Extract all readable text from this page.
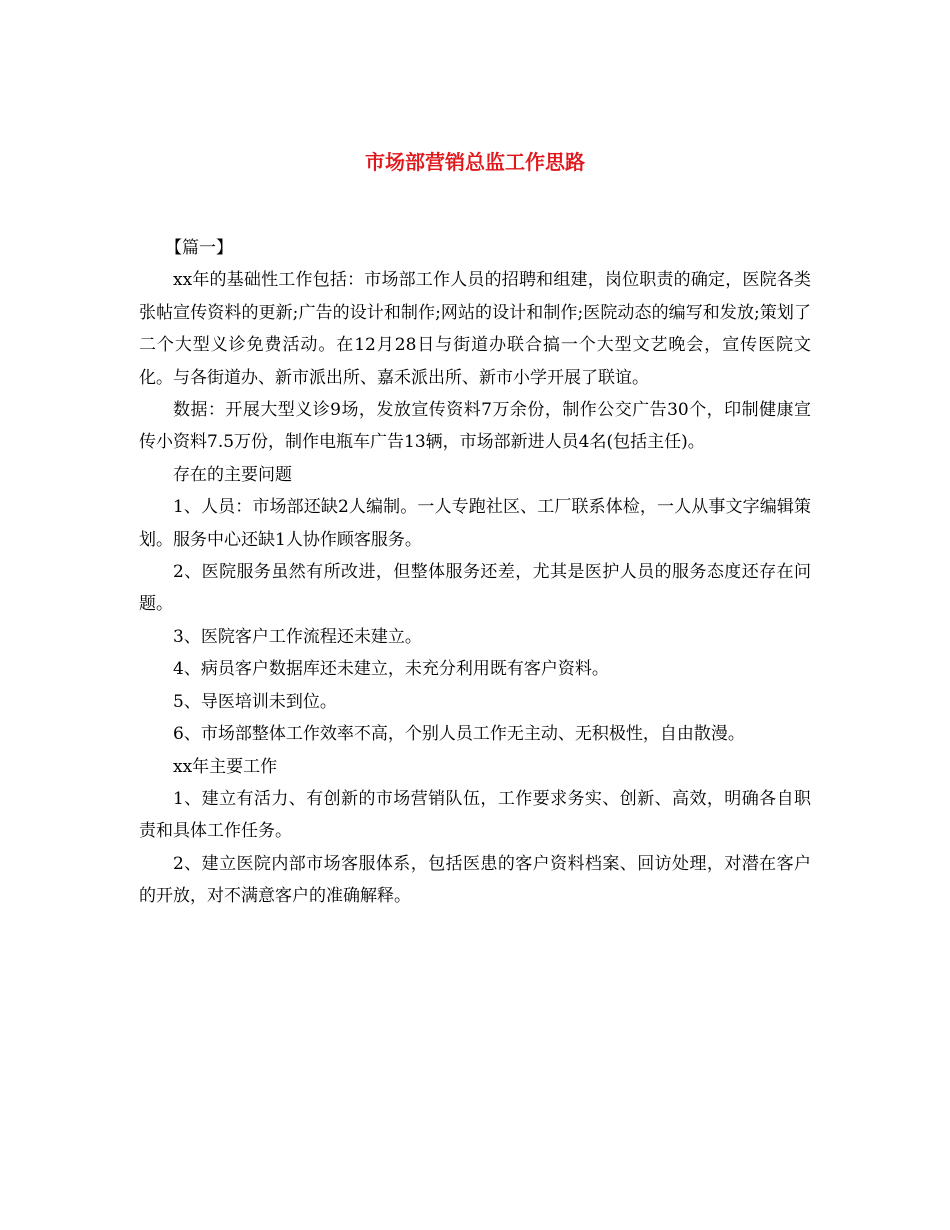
市场部营销总监工作思路

【篇一】

xx年的基础性工作包括：市场部工作人员的招聘和组建，岗位职责的确定，医院各类张帖宣传资料的更新;广告的设计和制作;网站的设计和制作;医院动态的编写和发放;策划了二个大型义诊免费活动。在12月28日与街道办联合搞一个大型文艺晚会，宣传医院文化。与各街道办、新市派出所、嘉禾派出所、新市小学开展了联谊。

数据：开展大型义诊9场，发放宣传资料7万余份，制作公交广告30个，印制健康宣传小资料7.5万份，制作电瓶车广告13辆，市场部新进人员4名(包括主任)。

存在的主要问题

1、人员：市场部还缺2人编制。一人专跑社区、工厂联系体检，一人从事文字编辑策划。服务中心还缺1人协作顾客服务。

2、医院服务虽然有所改进，但整体服务还差，尤其是医护人员的服务态度还存在问题。

3、医院客户工作流程还未建立。

4、病员客户数据库还未建立，未充分利用既有客户资料。

5、导医培训未到位。

6、市场部整体工作效率不高，个别人员工作无主动、无积极性，自由散漫。

xx年主要工作

1、建立有活力、有创新的市场营销队伍，工作要求务实、创新、高效，明确各自职责和具体工作任务。

2、建立医院内部市场客服体系，包括医患的客户资料档案、回访处理，对潜在客户的开放，对不满意客户的准确解释。
